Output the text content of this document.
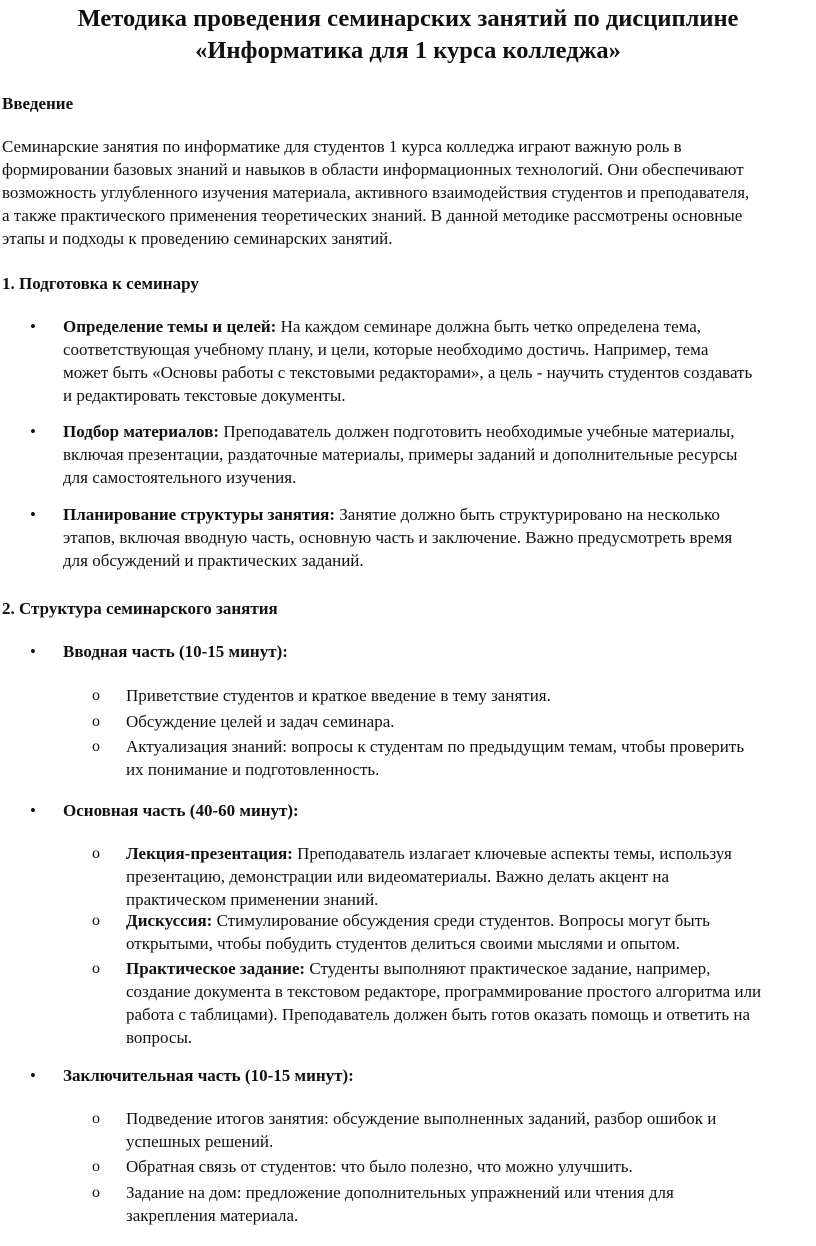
Методика проведения семинарских занятий по дисциплине
«Информатика для 1 курса колледжа»

Введение

Семинарские занятия по информатике для студентов 1 курса колледжа играют важную роль в
формировании базовых знаний и навыков в области информационных технологий. Они обеспечивают
возможность углубленного изучения материала, активного взаимодействия студентов и преподавателя,
а также практического применения теоретических знаний. В данной методике рассмотрены основные
этапы и подходы к проведению семинарских занятий.

1. Подготовка к семинару

• Определение темы и целей: На каждом семинаре должна быть четко определена тема,
соответствующая учебному плану, и цели, которые необходимо достичь. Например, тема
может быть «Основы работы с текстовыми редакторами», а цель - научить студентов создавать
и редактировать текстовые документы.
• Подбор материалов: Преподаватель должен подготовить необходимые учебные материалы,
включая презентации, раздаточные материалы, примеры заданий и дополнительные ресурсы
для самостоятельного изучения.
• Планирование структуры занятия: Занятие должно быть структурировано на несколько
этапов, включая вводную часть, основную часть и заключение. Важно предусмотреть время
для обсуждений и практических заданий.

2. Структура семинарского занятия

• Вводная часть (10-15 минут):

o Приветствие студентов и краткое введение в тему занятия.

o Обсуждение целей и задач семинара.

o Актуализация знаний: вопросы к студентам по предыдущим темам, чтобы проверить
их понимание и подготовленность.
• Основная часть (40-60 минут):

o Лекция-презентация: Преподаватель излагает ключевые аспекты темы, используя
презентацию, демонстрации или видеоматериалы. Важно делать акцент на
практическом применении знаний.
o Дискуссия: Стимулирование обсуждения среди студентов. Вопросы могут быть
открытыми, чтобы побудить студентов делиться своими мыслями и опытом.
o Практическое задание: Студенты выполняют практическое задание, например,
создание документа в текстовом редакторе, программирование простого алгоритма или
работа с таблицами). Преподаватель должен быть готов оказать помощь и ответить на
вопросы.
• Заключительная часть (10-15 минут):

o Подведение итогов занятия: обсуждение выполненных заданий, разбор ошибок и
успешных решений.
o Обратная связь от студентов: что было полезно, что можно улучшить.

o Задание на дом: предложение дополнительных упражнений или чтения для
закрепления материала.
